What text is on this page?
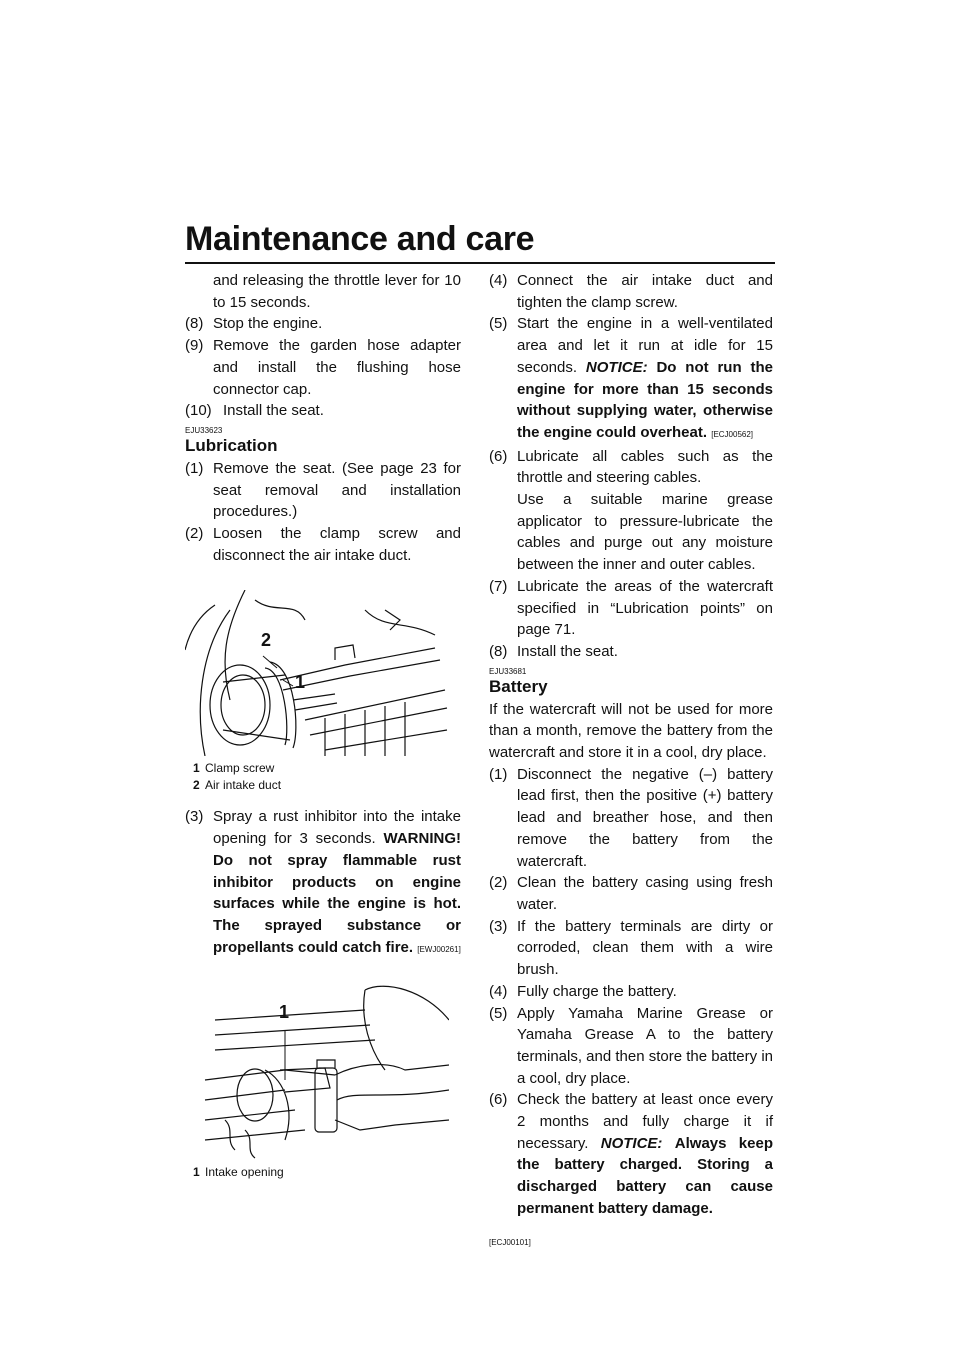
Maintenance and care

and releasing the throttle lever for 10 to 15 seconds.

(8) Stop the engine.
(9) Remove the garden hose adapter and install the flushing hose connector cap.
(10) Install the seat.
EJU33623
Lubrication
(1) Remove the seat. (See page 23 for seat removal and installation procedures.)
(2) Loosen the clamp screw and disconnect the air intake duct.
2
1
1 Clamp screw
2 Air intake duct
(3) Spray a rust inhibitor into the intake opening for 3 seconds. WARNING! Do not spray flammable rust inhibitor products on engine surfaces while the engine is hot. The sprayed substance or propellants could catch fire. [EWJ00261]
1
1 Intake opening
(4) Connect the air intake duct and tighten the clamp screw.
(5) Start the engine in a well-ventilated area and let it run at idle for 15 seconds. NOTICE: Do not run the engine for more than 15 seconds without supplying water, otherwise the engine could overheat. [ECJ00562]
(6) Lubricate all cables such as the throttle and steering cables.

Use a suitable marine grease applicator to pressure-lubricate the cables and purge out any moisture between the inner and outer cables.

(7) Lubricate the areas of the watercraft specified in “Lubrication points” on page 71.
(8) Install the seat.
EJU33681
Battery

If the watercraft will not be used for more than a month, remove the battery from the watercraft and store it in a cool, dry place.

(1) Disconnect the negative (–) battery lead first, then the positive (+) battery lead and breather hose, and then remove the battery from the watercraft.
(2) Clean the battery casing using fresh water.
(3) If the battery terminals are dirty or corroded, clean them with a wire brush.
(4) Fully charge the battery.
(5) Apply Yamaha Marine Grease or Yamaha Grease A to the battery terminals, and then store the battery in a cool, dry place.
(6) Check the battery at least once every 2 months and fully charge it if necessary. NOTICE: Always keep the battery charged. Storing a discharged battery can cause permanent battery damage.
[ECJ00101]
